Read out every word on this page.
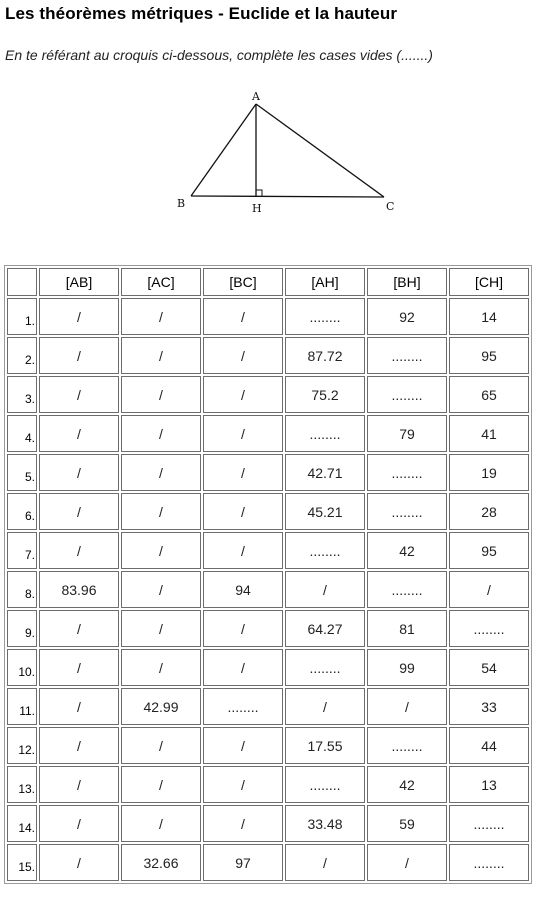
Les théorèmes métriques - Euclide et la hauteur
En te référant au croquis ci-dessous, complète les cases vides (.......)
A
B	H	C
	[AB]	[AC]	[BC]	[AH]	[BH]	[CH]
1.	/	/	/	........	92	14
2.	/	/	/	87.72	........	95
3.	/	/	/	75.2	........	65
4.	/	/	/	........	79	41
5.	/	/	/	42.71	........	19
6.	/	/	/	45.21	........	28
7.	/	/	/	........	42	95
8.	83.96	/	94	/	........	/
9.	/	/	/	64.27	81	........
10.	/	/	/	........	99	54
11.	/	42.99	........	/	/	33
12.	/	/	/	17.55	........	44
13.	/	/	/	........	42	13
14.	/	/	/	33.48	59	........
15.	/	32.66	97	/	/	........
